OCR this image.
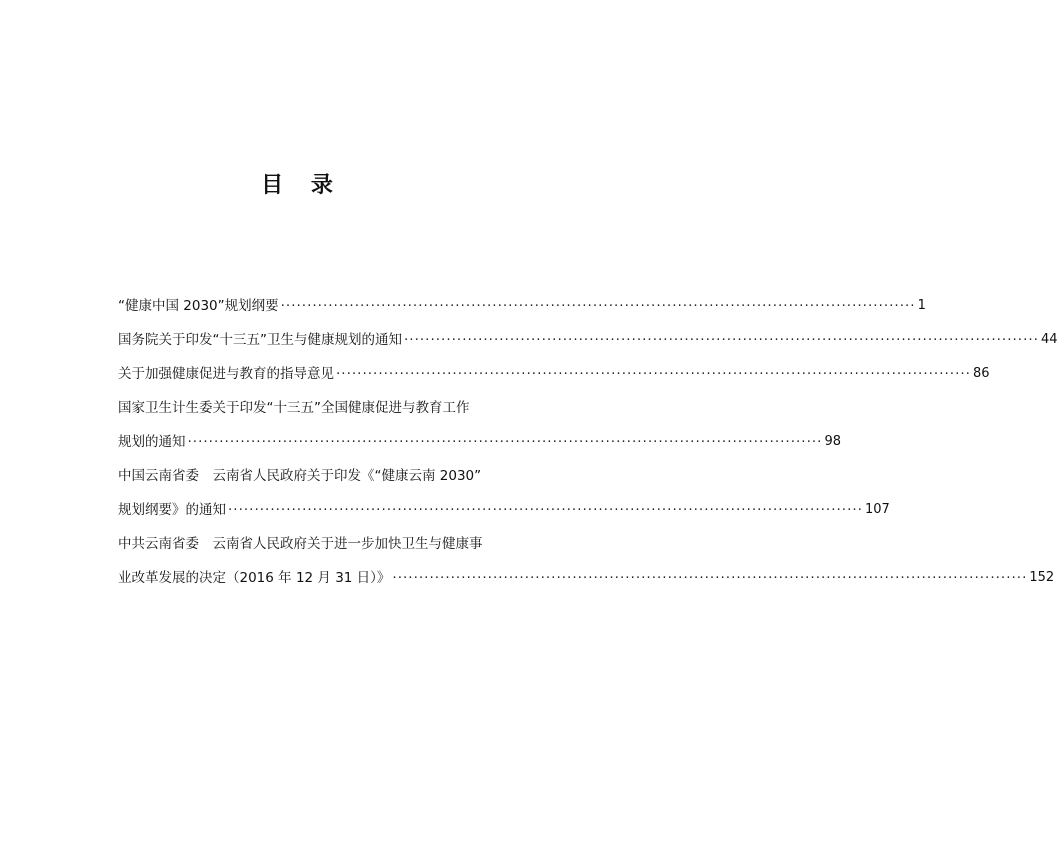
目 录
“健康中国 2030”规划纲要 ························································································································ 1
国务院关于印发“十三五”卫生与健康规划的通知 ························································································································ 44
关于加强健康促进与教育的指导意见 ························································································································ 86
国家卫生计生委关于印发“十三五”全国健康促进与教育工作
规划的通知 ························································································································ 98
中国云南省委　云南省人民政府关于印发《“健康云南 2030”
规划纲要》的通知 ························································································································ 107
中共云南省委　云南省人民政府关于进一步加快卫生与健康事
业改革发展的决定（2016 年 12 月 31 日）》 ························································································································ 152
